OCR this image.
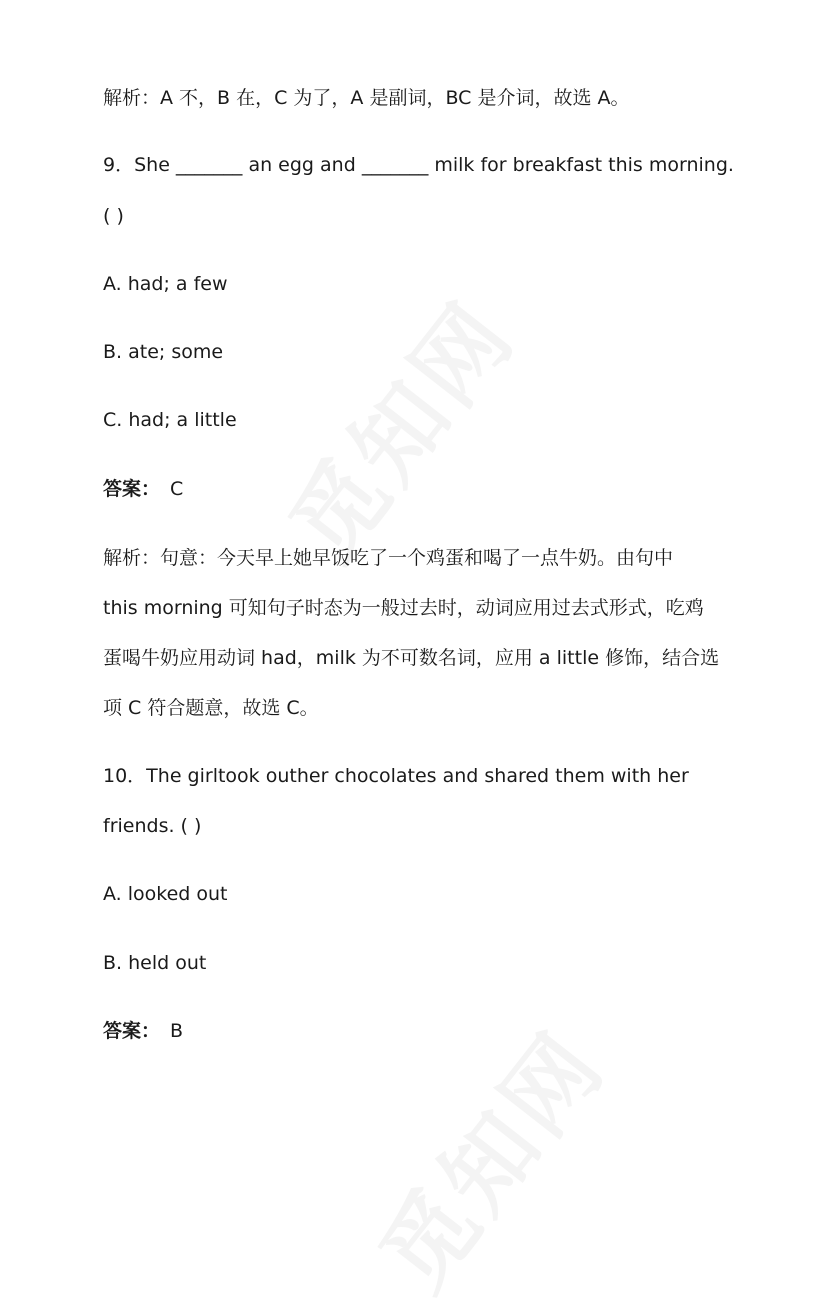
解析：A 不，B 在，C 为了，A 是副词，BC 是介词，故选 A。
9．She _______ an egg and _______ milk for breakfast this morning.
( )
A. had; a few
B. ate; some
C. had; a little
答案： C
解析：句意：今天早上她早饭吃了一个鸡蛋和喝了一点牛奶。由句中
this morning 可知句子时态为一般过去时，动词应用过去式形式，吃鸡
蛋喝牛奶应用动词 had，milk 为不可数名词，应用 a little 修饰，结合选
项 C 符合题意，故选 C。
10．The girltook outher chocolates and shared them with her
friends. ( )
A. looked out
B. held out
答案： B
